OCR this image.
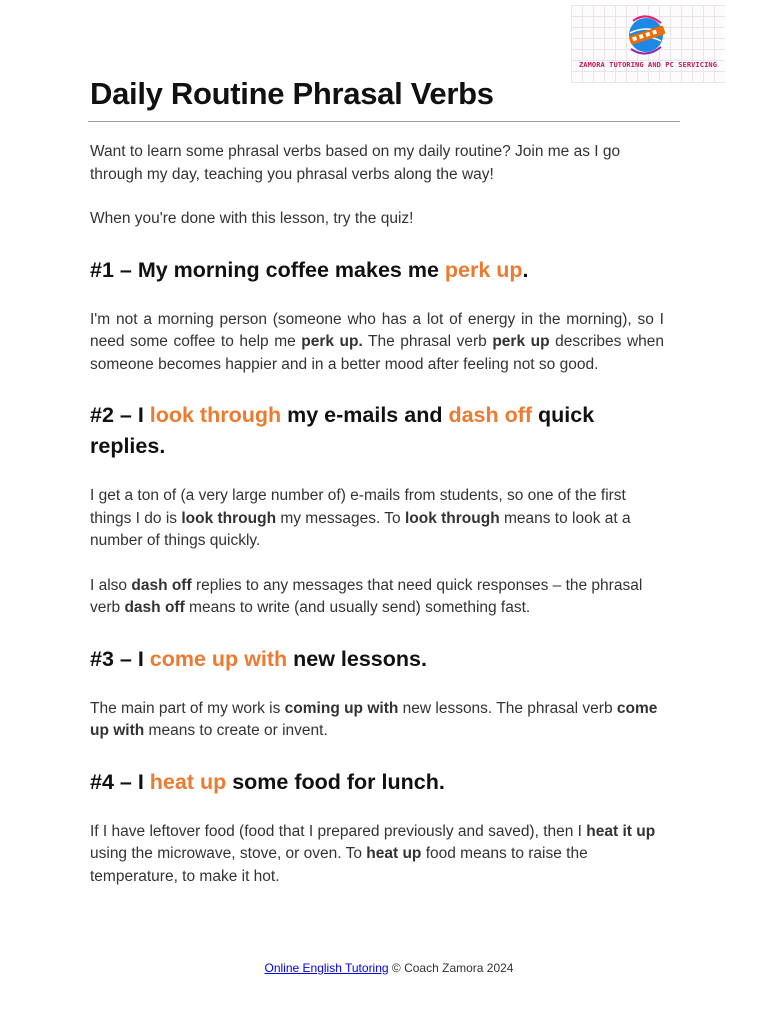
ZAMORA TUTORING AND PC SERVICING
Daily Routine Phrasal Verbs

Want to learn some phrasal verbs based on my daily routine? Join me as I go through my day, teaching you phrasal verbs along the way!

When you're done with this lesson, try the quiz!

#1 – My morning coffee makes me perk up.

I'm not a morning person (someone who has a lot of energy in the morning), so I need some coffee to help me perk up. The phrasal verb perk up describes when someone becomes happier and in a better mood after feeling not so good.

#2 – I look through my e-mails and dash off quick replies.

I get a ton of (a very large number of) e-mails from students, so one of the first things I do is look through my messages. To look through means to look at a number of things quickly.

I also dash off replies to any messages that need quick responses – the phrasal verb dash off means to write (and usually send) something fast.

#3 – I come up with new lessons.

The main part of my work is coming up with new lessons. The phrasal verb come up with means to create or invent.

#4 – I heat up some food for lunch.

If I have leftover food (food that I prepared previously and saved), then I heat it up using the microwave, stove, or oven. To heat up food means to raise the temperature, to make it hot.

Online English Tutoring © Coach Zamora 2024
